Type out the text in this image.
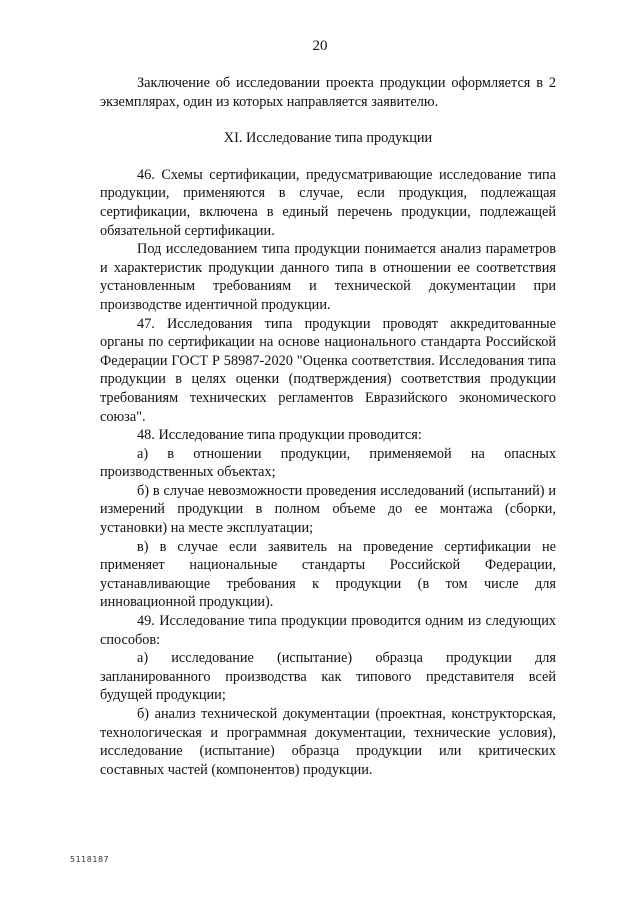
20

Заключение об исследовании проекта продукции оформляется в 2 экземплярах, один из которых направляется заявителю.

XI. Исследование типа продукции

46. Схемы сертификации, предусматривающие исследование типа продукции, применяются в случае, если продукция, подлежащая сертификации, включена в единый перечень продукции, подлежащей обязательной сертификации.

Под исследованием типа продукции понимается анализ параметров и характеристик продукции данного типа в отношении ее соответствия установленным требованиям и технической документации при производстве идентичной продукции.

47. Исследования типа продукции проводят аккредитованные органы по сертификации на основе национального стандарта Российской Федерации ГОСТ Р 58987-2020 "Оценка соответствия. Исследования типа продукции в целях оценки (подтверждения) соответствия продукции требованиям технических регламентов Евразийского экономического союза".

48. Исследование типа продукции проводится:

а) в отношении продукции, применяемой на опасных производственных объектах;

б) в случае невозможности проведения исследований (испытаний) и измерений продукции в полном объеме до ее монтажа (сборки, установки) на месте эксплуатации;

в) в случае если заявитель на проведение сертификации не применяет национальные стандарты Российской Федерации, устанавливающие требования к продукции (в том числе для инновационной продукции).

49. Исследование типа продукции проводится одним из следующих способов:

а) исследование (испытание) образца продукции для запланированного производства как типового представителя всей будущей продукции;

б) анализ технической документации (проектная, конструкторская, технологическая и программная документации, технические условия), исследование (испытание) образца продукции или критических составных частей (компонентов) продукции.

5118187
